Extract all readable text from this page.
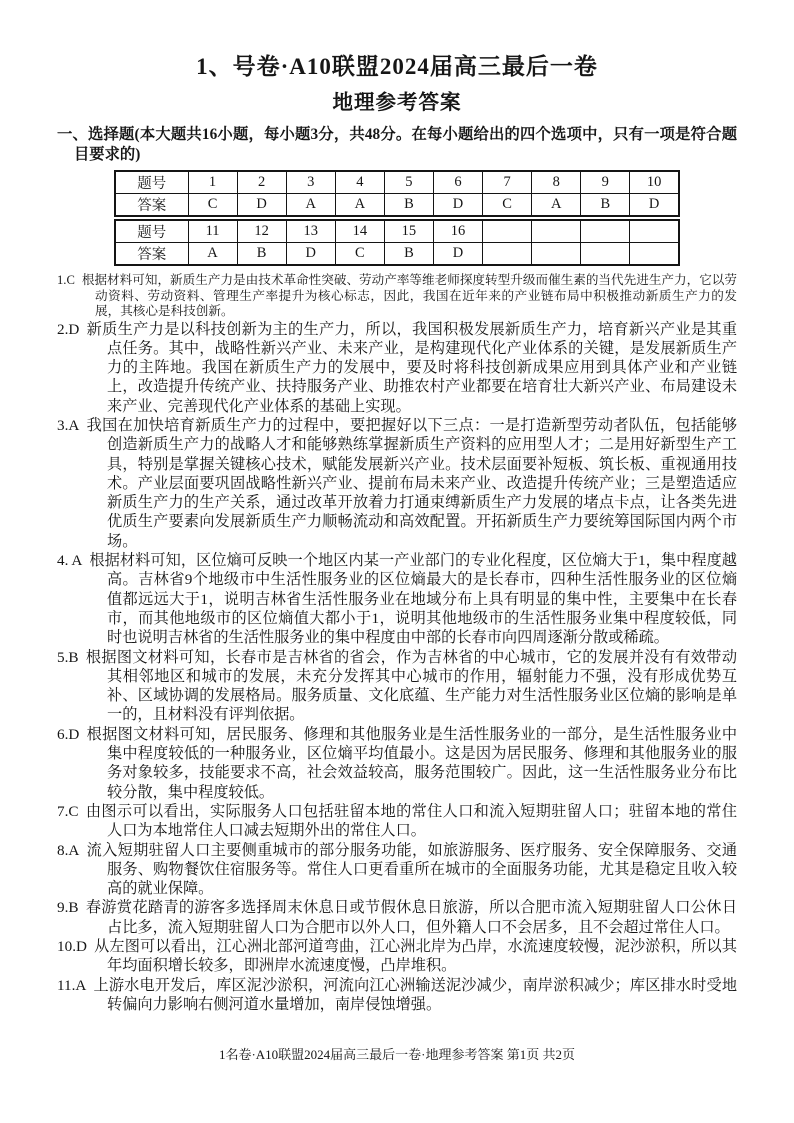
1、号卷·A10联盟2024届高三最后一卷
地理参考答案

一、选择题(本大题共16小题，每小题3分，共48分。在每小题给出的四个选项中，只有一项是符合题目要求的)

题号	1	2	3	4	5	6	7	8	9	10
答案	C	D	A	A	B	D	C	A	B	D
题号	11	12	13	14	15	16				
答案	A	B	D	C	B	D				

1.C 根据材料可知，新质生产力是由技术革命性突破、劳动产率等维老师探度转型升级而催生素的当代先进生产力，它以劳动资料、劳动资料、管理生产率提升为核心标志，因此，我国在近年来的产业链布局中积极推动新质生产力的发展，其核心是科技创新。

2.D 新质生产力是以科技创新为主的生产力，所以，我国积极发展新质生产力，培育新兴产业是其重点任务。其中，战略性新兴产业、未来产业，是构建现代化产业体系的关键，是发展新质生产力的主阵地。我国在新质生产力的发展中，要及时将科技创新成果应用到具体产业和产业链上，改造提升传统产业、扶持服务产业、助推农村产业都要在培育壮大新兴产业、布局建设未来产业、完善现代化产业体系的基础上实现。

3.A 我国在加快培育新质生产力的过程中，要把握好以下三点：一是打造新型劳动者队伍，包括能够创造新质生产力的战略人才和能够熟练掌握新质生产资料的应用型人才；二是用好新型生产工具，特别是掌握关键核心技术，赋能发展新兴产业。技术层面要补短板、筑长板、重视通用技术。产业层面要巩固战略性新兴产业、提前布局未来产业、改造提升传统产业；三是塑造适应新质生产力的生产关系，通过改革开放着力打通束缚新质生产力发展的堵点卡点，让各类先进优质生产要素向发展新质生产力顺畅流动和高效配置。开拓新质生产力要统筹国际国内两个市场。

4. A 根据材料可知，区位熵可反映一个地区内某一产业部门的专业化程度，区位熵大于1，集中程度越高。吉林省9个地级市中生活性服务业的区位熵最大的是长春市，四种生活性服务业的区位熵值都远远大于1，说明吉林省生活性服务业在地域分布上具有明显的集中性，主要集中在长春市，而其他地级市的区位熵值大都小于1，说明其他地级市的生活性服务业集中程度较低，同时也说明吉林省的生活性服务业的集中程度由中部的长春市向四周逐渐分散或稀疏。

5.B 根据图文材料可知，长春市是吉林省的省会，作为吉林省的中心城市，它的发展并没有有效带动其相邻地区和城市的发展，未充分发挥其中心城市的作用，辐射能力不强，没有形成优势互补、区域协调的发展格局。服务质量、文化底蕴、生产能力对生活性服务业区位熵的影响是单一的，且材料没有评判依据。

6.D 根据图文材料可知，居民服务、修理和其他服务业是生活性服务业的一部分，是生活性服务业中集中程度较低的一种服务业，区位熵平均值最小。这是因为居民服务、修理和其他服务业的服务对象较多，技能要求不高，社会效益较高，服务范围较广。因此，这一生活性服务业分布比较分散，集中程度较低。

7.C 由图示可以看出，实际服务人口包括驻留本地的常住人口和流入短期驻留人口；驻留本地的常住人口为本地常住人口减去短期外出的常住人口。

8.A 流入短期驻留人口主要侧重城市的部分服务功能，如旅游服务、医疗服务、安全保障服务、交通服务、购物餐饮住宿服务等。常住人口更看重所在城市的全面服务功能，尤其是稳定且收入较高的就业保障。

9.B 春游赏花踏青的游客多选择周末休息日或节假休息日旅游，所以合肥市流入短期驻留人口公休日占比多，流入短期驻留人口为合肥市以外人口，但外籍人口不会居多，且不会超过常住人口。

10.D 从左图可以看出，江心洲北部河道弯曲，江心洲北岸为凸岸，水流速度较慢，泥沙淤积，所以其年均面积增长较多，即洲岸水流速度慢，凸岸堆积。

11.A 上游水电开发后，库区泥沙淤积，河流向江心洲输送泥沙减少，南岸淤积减少；库区排水时受地转偏向力影响右侧河道水量增加，南岸侵蚀增强。

1名卷·A10联盟2024届高三最后一卷·地理参考答案 第1页 共2页
